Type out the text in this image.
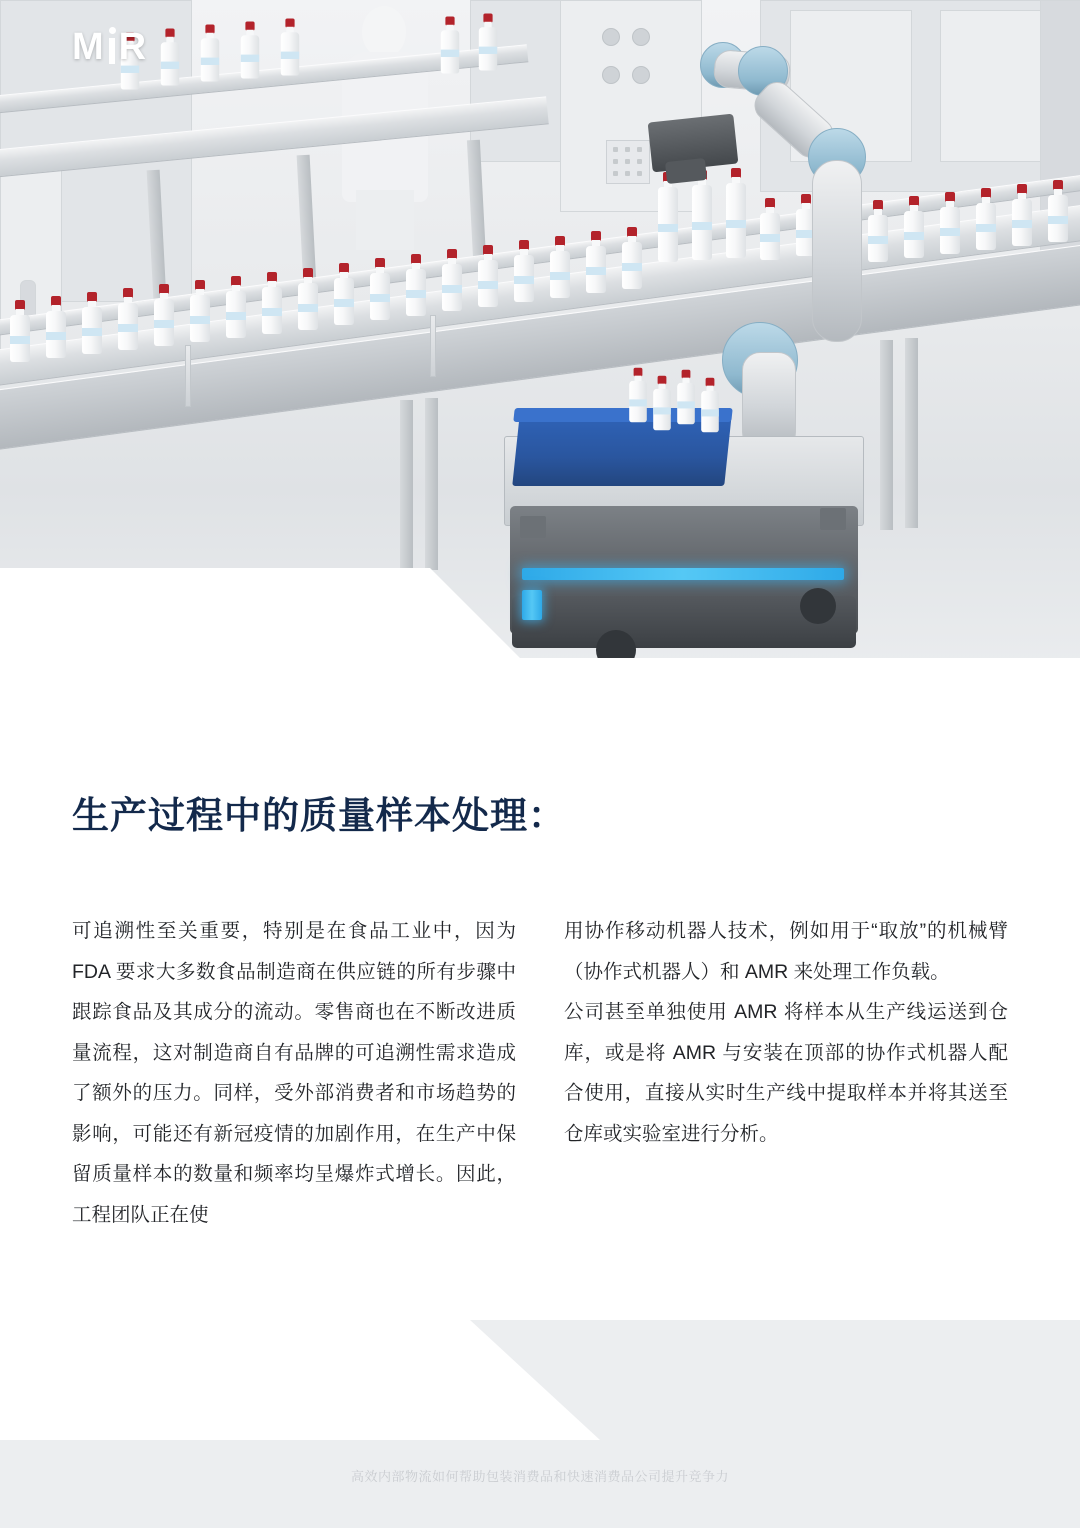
M R
生产过程中的质量样本处理：

可追溯性至关重要，特别是在食品工业中，因为 FDA 要求大多数食品制造商在供应链的所有步骤中跟踪食品及其成分的流动。零售商也在不断改进质量流程，这对制造商自有品牌的可追溯性需求造成了额外的压力。同样，受外部消费者和市场趋势的影响，可能还有新冠疫情的加剧作用，在生产中保留质量样本的数量和频率均呈爆炸式增长。因此，工程团队正在使

用协作移动机器人技术，例如用于“取放”的机械臂（协作式机器人）和 AMR 来处理工作负载。

公司甚至单独使用 AMR 将样本从生产线运送到仓库，或是将 AMR 与安装在顶部的协作式机器人配合使用，直接从实时生产线中提取样本并将其送至仓库或实验室进行分析。

高效内部物流如何帮助包装消费品和快速消费品公司提升竞争力
